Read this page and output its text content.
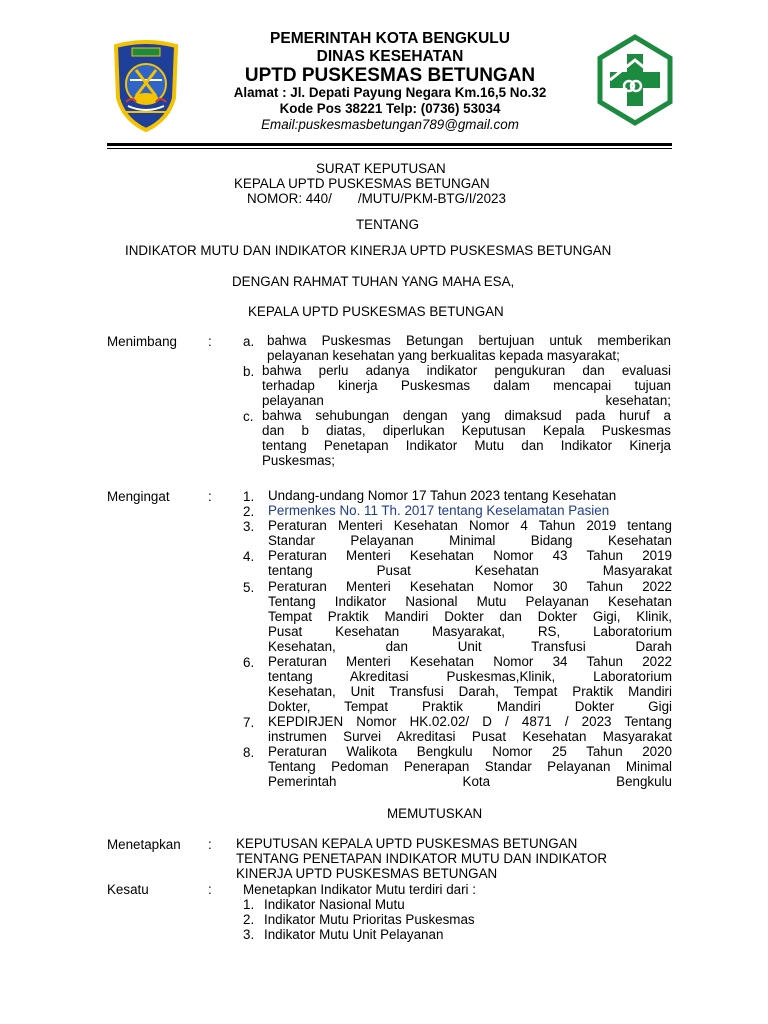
PEMERINTAH KOTA BENGKULU
DINAS KESEHATAN
UPTD PUSKESMAS BETUNGAN
Alamat : Jl. Depati Payung Negara Km.16,5 No.32
Kode Pos 38221 Telp: (0736) 53034
Email:puskesmasbetungan789@gmail.com
SURAT KEPUTUSAN
KEPALA UPTD PUSKESMAS BETUNGAN
NOMOR: 440/       /MUTU/PKM-BTG/I/2023
TENTANG
INDIKATOR MUTU DAN INDIKATOR KINERJA UPTD PUSKESMAS BETUNGAN
DENGAN RAHMAT TUHAN YANG MAHA ESA,
KEPALA UPTD PUSKESMAS BETUNGAN
Menimbang : a. bahwa Puskesmas Betungan bertujuan untuk memberikan
pelayanan kesehatan yang berkualitas kepada masyarakat;
b. bahwa perlu adanya indikator pengukuran dan evaluasi
terhadap kinerja Puskesmas dalam mencapai tujuan
pelayanan kesehatan;
c. bahwa sehubungan dengan yang dimaksud pada huruf a
dan b diatas, diperlukan Keputusan Kepala Puskesmas
tentang Penetapan Indikator Mutu dan Indikator Kinerja
Puskesmas;
Mengingat	: 1. Undang-undang Nomor 17 Tahun 2023 tentang Kesehatan
2. Permenkes No. 11 Th. 2017 tentang Keselamatan Pasien
3. Peraturan Menteri Kesehatan Nomor 4 Tahun 2019 tentang
Standar Pelayanan Minimal Bidang Kesehatan
4. Peraturan Menteri Kesehatan Nomor 43 Tahun 2019
tentang Pusat Kesehatan Masyarakat
5. Peraturan Menteri Kesehatan Nomor 30 Tahun 2022
Tentang Indikator Nasional Mutu Pelayanan Kesehatan
Tempat Praktik Mandiri Dokter dan Dokter Gigi, Klinik,
Pusat Kesehatan Masyarakat, RS, Laboratorium
Kesehatan, dan Unit Transfusi Darah
6. Peraturan Menteri Kesehatan Nomor 34 Tahun 2022
tentang Akreditasi Puskesmas,Klinik, Laboratorium
Kesehatan, Unit Transfusi Darah, Tempat Praktik Mandiri
Dokter, Tempat Praktik Mandiri Dokter Gigi
7. KEPDIRJEN Nomor HK.02.02/ D / 4871 / 2023 Tentang
instrumen Survei Akreditasi Pusat Kesehatan Masyarakat
8. Peraturan Walikota Bengkulu Nomor 25 Tahun 2020
Tentang Pedoman Penerapan Standar Pelayanan Minimal
Pemerintah Kota Bengkulu
MEMUTUSKAN
Menetapkan : KEPUTUSAN KEPALA UPTD PUSKESMAS BETUNGAN
TENTANG PENETAPAN INDIKATOR MUTU DAN INDIKATOR
KINERJA UPTD PUSKESMAS BETUNGAN
Kesatu	: Menetapkan Indikator Mutu terdiri dari :
1. Indikator Nasional Mutu
2. Indikator Mutu Prioritas Puskesmas
3. Indikator Mutu Unit Pelayanan
